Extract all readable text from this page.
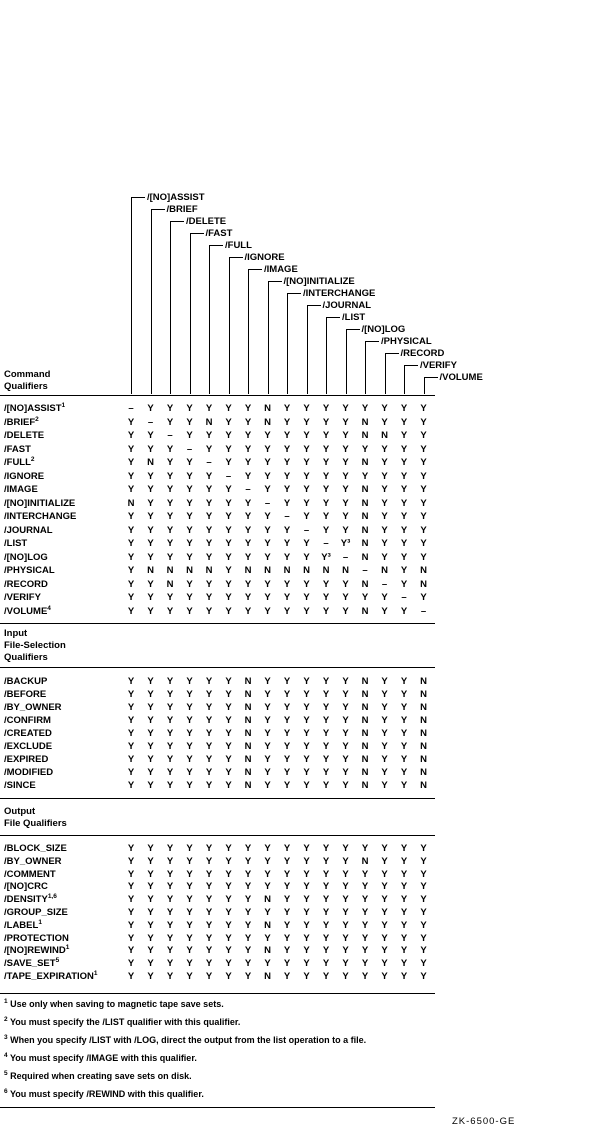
/[NO]ASSIST
/BRIEF
/DELETE
/FAST
/FULL
/IGNORE
/IMAGE
/[NO]INITIALIZE
/INTERCHANGE
/JOURNAL
/LIST
/[NO]LOG
/PHYSICAL
/RECORD
/VERIFY
/VOLUME
Command
Qualifiers
/[NO]ASSIST$^1$	–	Y	Y	Y	Y	Y	Y	N	Y	Y	Y	Y	Y	Y	Y	Y
/BRIEF$^2$	Y	–	Y	Y	N	Y	Y	N	Y	Y	Y	Y	N	Y	Y	Y
/DELETE	Y	Y	–	Y	Y	Y	Y	Y	Y	Y	Y	Y	N	N	Y	Y
/FAST	Y	Y	Y	–	Y	Y	Y	Y	Y	Y	Y	Y	Y	Y	Y	Y
/FULL$^2$	Y	N	Y	Y	–	Y	Y	Y	Y	Y	Y	Y	N	Y	Y	Y
/IGNORE	Y	Y	Y	Y	Y	–	Y	Y	Y	Y	Y	Y	Y	Y	Y	Y
/IMAGE	Y	Y	Y	Y	Y	Y	–	Y	Y	Y	Y	Y	N	Y	Y	Y
/[NO]INITIALIZE	N	Y	Y	Y	Y	Y	Y	–	Y	Y	Y	Y	N	Y	Y	Y
/INTERCHANGE	Y	Y	Y	Y	Y	Y	Y	Y	–	Y	Y	Y	N	Y	Y	Y
/JOURNAL	Y	Y	Y	Y	Y	Y	Y	Y	Y	–	Y	Y	N	Y	Y	Y
/LIST	Y	Y	Y	Y	Y	Y	Y	Y	Y	Y	–	Y³	N	Y	Y	Y
/[NO]LOG	Y	Y	Y	Y	Y	Y	Y	Y	Y	Y	Y³	–	N	Y	Y	Y
/PHYSICAL	Y	N	N	N	N	Y	N	N	N	N	N	N	–	N	Y	N
/RECORD	Y	Y	N	Y	Y	Y	Y	Y	Y	Y	Y	Y	N	–	Y	N
/VERIFY	Y	Y	Y	Y	Y	Y	Y	Y	Y	Y	Y	Y	Y	Y	–	Y
/VOLUME$^4$	Y	Y	Y	Y	Y	Y	Y	Y	Y	Y	Y	Y	N	Y	Y	–
Input
File-Selection
Qualifiers
/BACKUP	Y	Y	Y	Y	Y	Y	N	Y	Y	Y	Y	Y	N	Y	Y	N
/BEFORE	Y	Y	Y	Y	Y	Y	N	Y	Y	Y	Y	Y	N	Y	Y	N
/BY_OWNER	Y	Y	Y	Y	Y	Y	N	Y	Y	Y	Y	Y	N	Y	Y	N
/CONFIRM	Y	Y	Y	Y	Y	Y	N	Y	Y	Y	Y	Y	N	Y	Y	N
/CREATED	Y	Y	Y	Y	Y	Y	N	Y	Y	Y	Y	Y	N	Y	Y	N
/EXCLUDE	Y	Y	Y	Y	Y	Y	N	Y	Y	Y	Y	Y	N	Y	Y	N
/EXPIRED	Y	Y	Y	Y	Y	Y	N	Y	Y	Y	Y	Y	N	Y	Y	N
/MODIFIED	Y	Y	Y	Y	Y	Y	N	Y	Y	Y	Y	Y	N	Y	Y	N
/SINCE	Y	Y	Y	Y	Y	Y	N	Y	Y	Y	Y	Y	N	Y	Y	N
Output
File Qualifiers
/BLOCK_SIZE	Y	Y	Y	Y	Y	Y	Y	Y	Y	Y	Y	Y	Y	Y	Y	Y
/BY_OWNER	Y	Y	Y	Y	Y	Y	Y	Y	Y	Y	Y	Y	N	Y	Y	Y
/COMMENT	Y	Y	Y	Y	Y	Y	Y	Y	Y	Y	Y	Y	Y	Y	Y	Y
/[NO]CRC	Y	Y	Y	Y	Y	Y	Y	Y	Y	Y	Y	Y	Y	Y	Y	Y
/DENSITY$^{1,6}$	Y	Y	Y	Y	Y	Y	Y	N	Y	Y	Y	Y	Y	Y	Y	Y
/GROUP_SIZE	Y	Y	Y	Y	Y	Y	Y	Y	Y	Y	Y	Y	Y	Y	Y	Y
/LABEL$^1$	Y	Y	Y	Y	Y	Y	Y	N	Y	Y	Y	Y	Y	Y	Y	Y
/PROTECTION	Y	Y	Y	Y	Y	Y	Y	Y	Y	Y	Y	Y	Y	Y	Y	Y
/[NO]REWIND$^1$	Y	Y	Y	Y	Y	Y	Y	N	Y	Y	Y	Y	Y	Y	Y	Y
/SAVE_SET$^5$	Y	Y	Y	Y	Y	Y	Y	Y	Y	Y	Y	Y	Y	Y	Y	Y
/TAPE_EXPIRATION$^1$	Y	Y	Y	Y	Y	Y	Y	N	Y	Y	Y	Y	Y	Y	Y	Y
$^1$ Use only when saving to magnetic tape save sets.
$^2$ You must specify the /LIST qualifier with this qualifier.
$^3$ When you specify /LIST with /LOG, direct the output from the list operation to a file.
$^4$ You must specify /IMAGE with this qualifier.
$^5$ Required when creating save sets on disk.
$^6$ You must specify /REWIND with this qualifier.
ZK-6500-GE
